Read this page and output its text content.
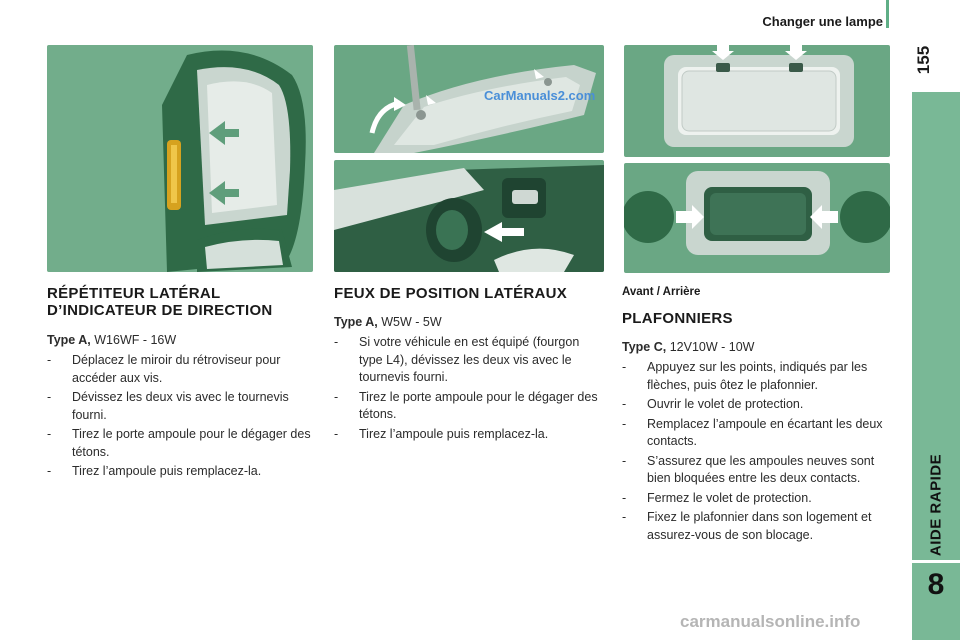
Changer une lampe
155
AIDE RAPIDE
8
CarManuals2.com
RÉPÉTITEUR LATÉRAL
D’INDICATEUR DE DIRECTION
Type A, W16WF - 16W
- Déplacez le miroir du rétroviseur pour accéder aux vis.
- Dévissez les deux vis avec le tournevis fourni.
- Tirez le porte ampoule pour le dégager des tétons.
- Tirez l’ampoule puis remplacez-la.
FEUX DE POSITION LATÉRAUX
Type A, W5W - 5W
- Si votre véhicule en est équipé (fourgon type L4), dévissez les deux vis avec le tournevis fourni.
- Tirez le porte ampoule pour le dégager des tétons.
- Tirez l’ampoule puis remplacez-la.
Avant / Arrière
PLAFONNIERS
Type C, 12V10W - 10W
- Appuyez sur les points, indiqués par les flèches, puis ôtez le plafonnier.
- Ouvrir le volet de protection.
- Remplacez l’ampoule en écartant les deux contacts.
- S’assurez que les ampoules neuves sont bien bloquées entre les deux contacts.
- Fermez le volet de protection.
- Fixez le plafonnier dans son logement et assurez-vous de son blocage.
carmanualsonline.info
